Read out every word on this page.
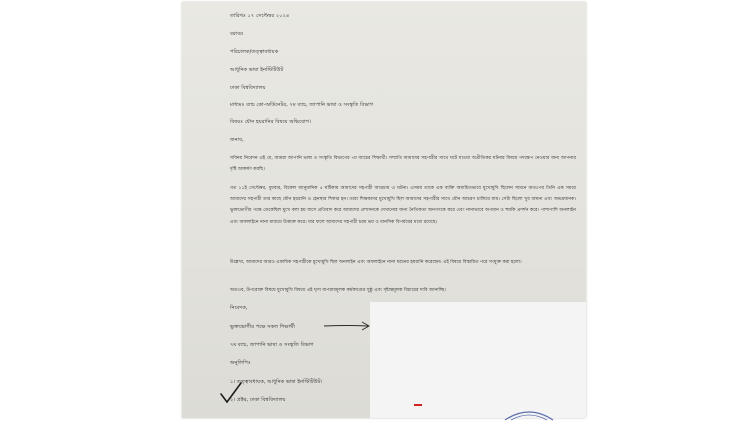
তারিখঃ ১৭ সেপ্টেম্বর ২০২৪
বরাবর
পরিচালক/তত্ত্বাবধায়ক
আধুনিক ভাষা ইনস্টিটিউট
ঢাকা বিশ্ববিদ্যালয়
মাধ্যমঃ ব্যাচ কো-অর্ডিনেটর, ৭ম ব্যাচ, জাপানি ভাষা ও সংস্কৃতি বিভাগ
বিষয়ঃ যৌন হয়রানির বিষয়ে অভিযোগ।
জনাব,
সবিনয় নিবেদন এই যে, আমরা জাপানি ভাষা ও সংস্কৃতি বিভাগের ৭ম ব্যাচের শিক্ষার্থী। সম্প্রতি আমাদের সহপাঠীর সাথে ঘটে যাওয়া অপ্রীতিকর ঘটনার বিষয়ে পদক্ষেপ নেওয়ার জন্য আপনার দৃষ্টি আকর্ষণ করছি।
গত ১১ই সেপ্টেম্বর, বুধবার, বিকেল আনুমানিক ৫ ঘটিকায় আমাদের সহপাঠী আড্ডায় এ ঘটনা। এসময় তাকে এক ব্যক্তি অযাচিতভাবে মুখোমুখি ছিলেন সামনে অতঃপর তিনি এক সময়ে আমাদের সহপাঠী তার কাছে যৌন হয়রানি ও হেনস্থার শিকার হন। তারা শিক্ষকদের মুখোমুখি ছিল আমাদের সহপাঠীর সাথে যৌন আচরণ চালিয়ে যায়। সেটা ছিলো খুব জঘন্য এবং অভদ্রজনক। ভুক্তভোগীর পক্ষে ডেকেছিল মুখে বলা হয় বাসে প্রতিবাদ করে আমাদের প্রশাসনকে দেখানোর জন্য নৈতিকতা জনগণকে করে এবং নানাভাবে অপমান ও হুমকি প্রদর্শন করে। পাশাপাশি অনলাইন এবং অফলাইনে নানা মাধ্যমে উত্ত্যক্ত করে। যার ফলে আমাদের সহপাঠী চরম ভয় ও মানসিক বিপর্যয়ের মধ্যে রয়েছে।
উল্লেখ্য, আমাদের আরও একাধিক সহপাঠীকে মুখোমুখি ছিল অনলাইন এবং অফলাইনে নানা ধরনের হয়রানি করেছেন। এই বিষয়ে বিস্তারিত পরে সংযুক্ত করা হলো।
অতএব, উপরোক্ত বিষয়ে মুখোমুখি বিষয়ে এই ঘৃণ্য অপরাধমূলক কর্মকাণ্ডের সুষ্ঠু এবং দৃষ্টান্তমূলক বিচারের দাবি জানাচ্ছি।
নিবেদক,
ভুক্তভোগীর পক্ষে সকল শিক্ষার্থী
৭ম ব্যাচ, জাপানি ভাষা ও সংস্কৃতি বিভাগ
অনুলিপিঃ
১। তত্ত্বাবধায়ক, আধুনিক ভাষা ইনস্টিটিউট।
২। প্রক্টর, ঢাকা বিশ্ববিদ্যালয়
